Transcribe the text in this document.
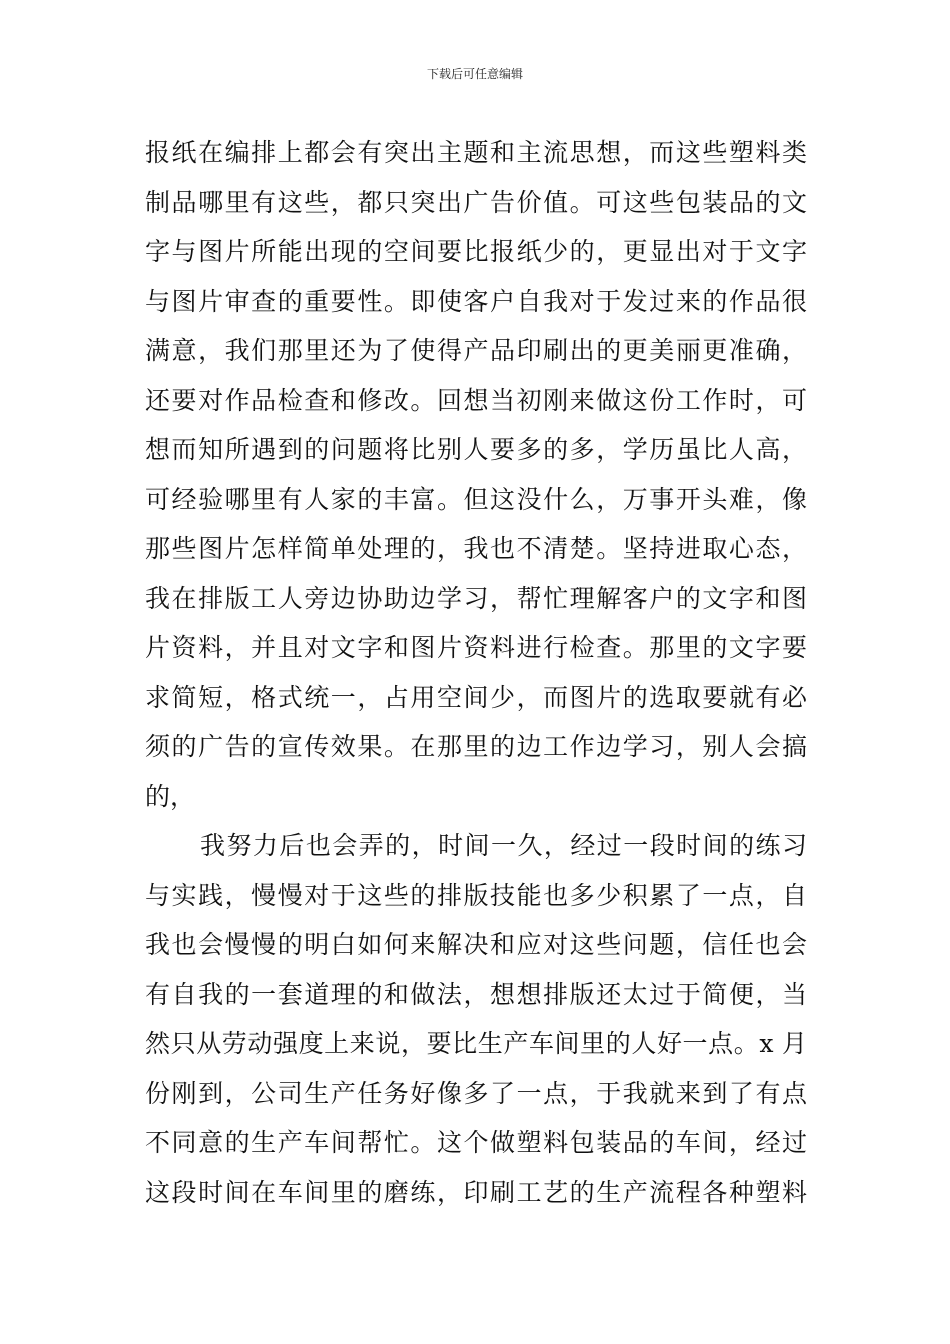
下载后可任意编辑
报纸在编排上都会有突出主题和主流思想，而这些塑料类
制品哪里有这些，都只突出广告价值。可这些包装品的文
字与图片所能出现的空间要比报纸少的，更显出对于文字
与图片审查的重要性。即使客户自我对于发过来的作品很
满意，我们那里还为了使得产品印刷出的更美丽更准确，
还要对作品检查和修改。回想当初刚来做这份工作时，可
想而知所遇到的问题将比别人要多的多，学历虽比人高，
可经验哪里有人家的丰富。但这没什么，万事开头难，像
那些图片怎样简单处理的，我也不清楚。坚持进取心态，
我在排版工人旁边协助边学习，帮忙理解客户的文字和图
片资料，并且对文字和图片资料进行检查。那里的文字要
求简短，格式统一，占用空间少，而图片的选取要就有必
须的广告的宣传效果。在那里的边工作边学习，别人会搞
的，
我努力后也会弄的，时间一久，经过一段时间的练习
与实践，慢慢对于这些的排版技能也多少积累了一点，自
我也会慢慢的明白如何来解决和应对这些问题，信任也会
有自我的一套道理的和做法，想想排版还太过于简便，当
然只从劳动强度上来说，要比生产车间里的人好一点。x 月
份刚到，公司生产任务好像多了一点，于我就来到了有点
不同意的生产车间帮忙。这个做塑料包装品的车间，经过
这段时间在车间里的磨练，印刷工艺的生产流程各种塑料
